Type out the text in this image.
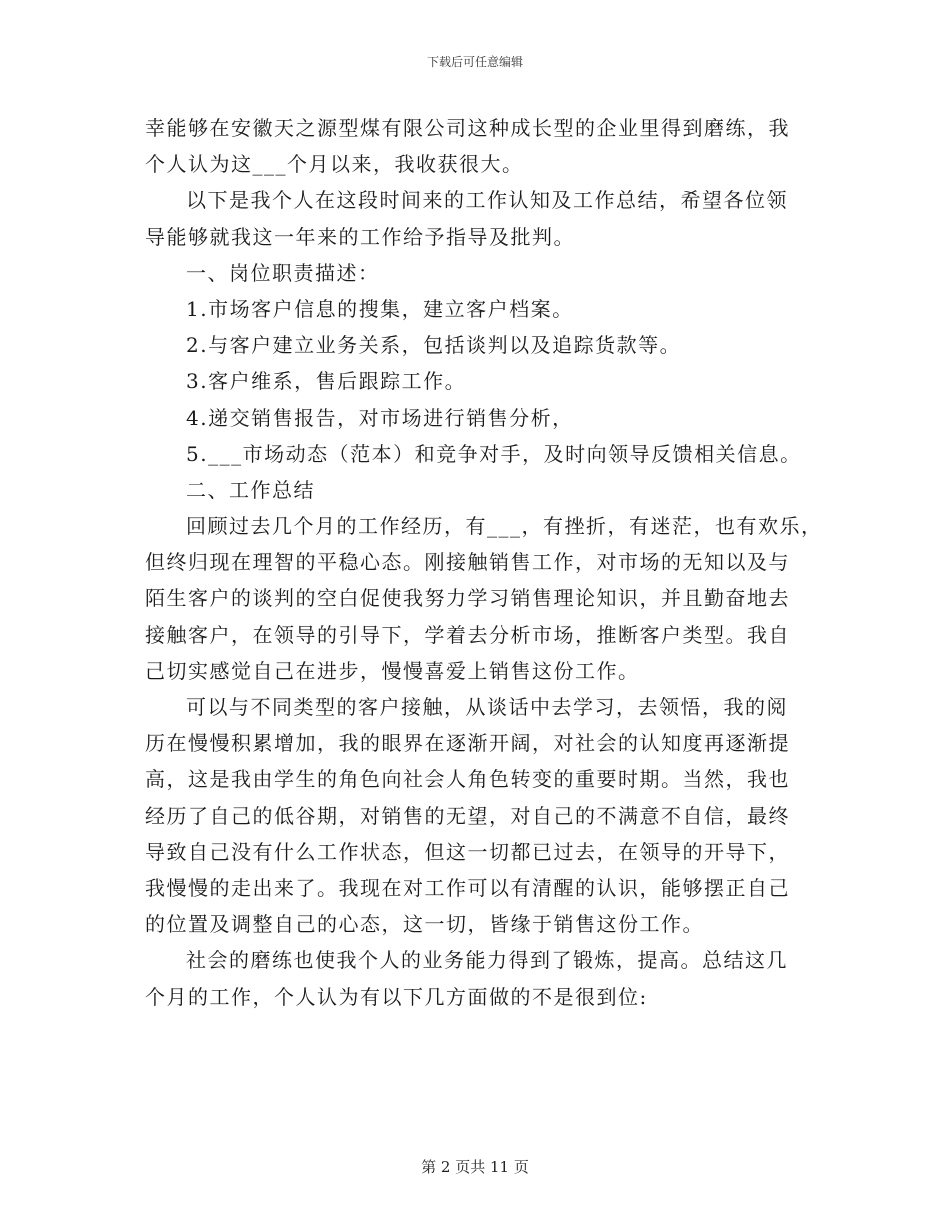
下载后可任意编辑
幸能够在安徽天之源型煤有限公司这种成长型的企业里得到磨练，我
个人认为这___个月以来，我收获很大。
以下是我个人在这段时间来的工作认知及工作总结，希望各位领
导能够就我这一年来的工作给予指导及批判。
一、岗位职责描述：
1.市场客户信息的搜集，建立客户档案。
2.与客户建立业务关系，包括谈判以及追踪货款等。
3.客户维系，售后跟踪工作。
4.递交销售报告，对市场进行销售分析，
5.___市场动态（范本）和竞争对手，及时向领导反馈相关信息。
二、工作总结
回顾过去几个月的工作经历，有___，有挫折，有迷茫，也有欢乐，
但终归现在理智的平稳心态。刚接触销售工作，对市场的无知以及与
陌生客户的谈判的空白促使我努力学习销售理论知识，并且勤奋地去
接触客户，在领导的引导下，学着去分析市场，推断客户类型。我自
己切实感觉自己在进步，慢慢喜爱上销售这份工作。
可以与不同类型的客户接触，从谈话中去学习，去领悟，我的阅
历在慢慢积累增加，我的眼界在逐渐开阔，对社会的认知度再逐渐提
高，这是我由学生的角色向社会人角色转变的重要时期。当然，我也
经历了自己的低谷期，对销售的无望，对自己的不满意不自信，最终
导致自己没有什么工作状态，但这一切都已过去，在领导的开导下，
我慢慢的走出来了。我现在对工作可以有清醒的认识，能够摆正自己
的位置及调整自己的心态，这一切，皆缘于销售这份工作。
社会的磨练也使我个人的业务能力得到了锻炼，提高。总结这几
个月的工作，个人认为有以下几方面做的不是很到位:
第 2 页共 11 页
